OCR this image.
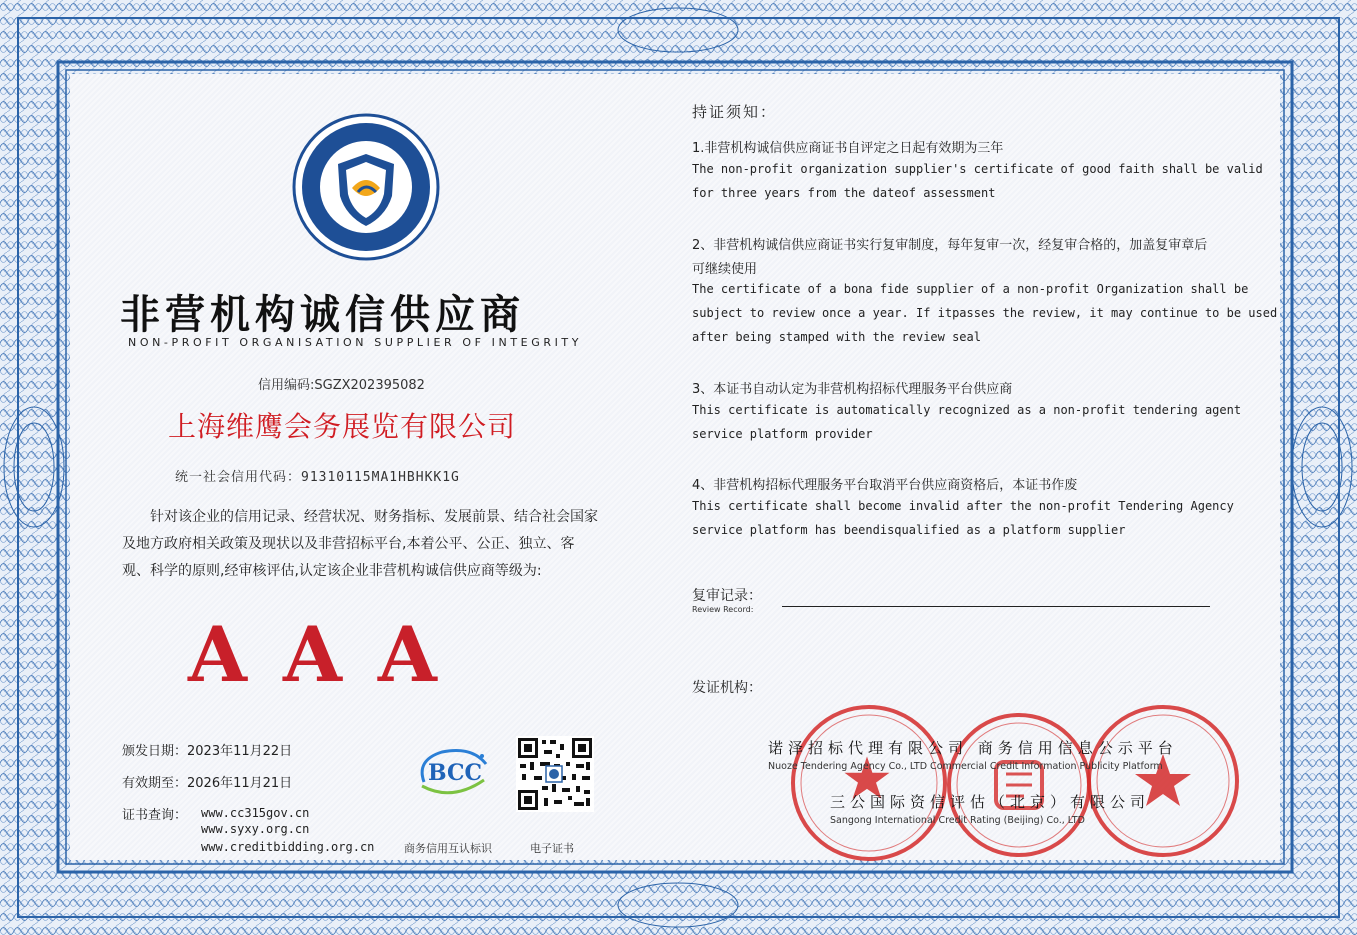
★ ★
非营机构诚信供应商
NON-PROFIT ORGANISATION SUPPLIER OF INTEGRITY
信用编码:SGZX202395082
上海维鹰会务展览有限公司
统一社会信用代码：91310115MA1HBHKK1G
针对该企业的信用记录、经营状况、财务指标、发展前景、结合社会国家及地方政府相关政策及现状以及非营招标平台,本着公平、公正、独立、客观、科学的原则,经审核评估,认定该企业非营机构诚信供应商等级为:
AAA
颁发日期：2023年11月22日
有效期至：2026年11月21日
证书查询： www.cc315gov.cn
www.syxy.org.cn
www.creditbidding.org.cn
BCC
商务信用互认标识	电子证书
持证须知：
1.非营机构诚信供应商证书自评定之日起有效期为三年
The non-profit organization supplier's certificate of good faith shall be valid
for three years from the dateof assessment
2、非营机构诚信供应商证书实行复审制度，每年复审一次，经复审合格的，加盖复审章后
可继续使用
The certificate of a bona fide supplier of a non-profit Organization shall be
subject to review once a year. If itpasses the review, it may continue to be used
after being stamped with the review seal
3、本证书自动认定为非营机构招标代理服务平台供应商
This certificate is automatically recognized as a non-profit tendering agent
service platform provider
4、非营机构招标代理服务平台取消平台供应商资格后，本证书作废
This certificate shall become invalid after the non-profit Tendering Agency
service platform has beendisqualified as a platform supplier
复审记录：
Review Record:
发证机构：
诺泽招标代理有限公司 商务信用信息公示平台
Nuoze Tendering Agency Co., LTD Commercial Credit Information Publicity Platform
三公国际资信评估（北京）有限公司
Sangong International Credit Rating (Beijing) Co., LTD
